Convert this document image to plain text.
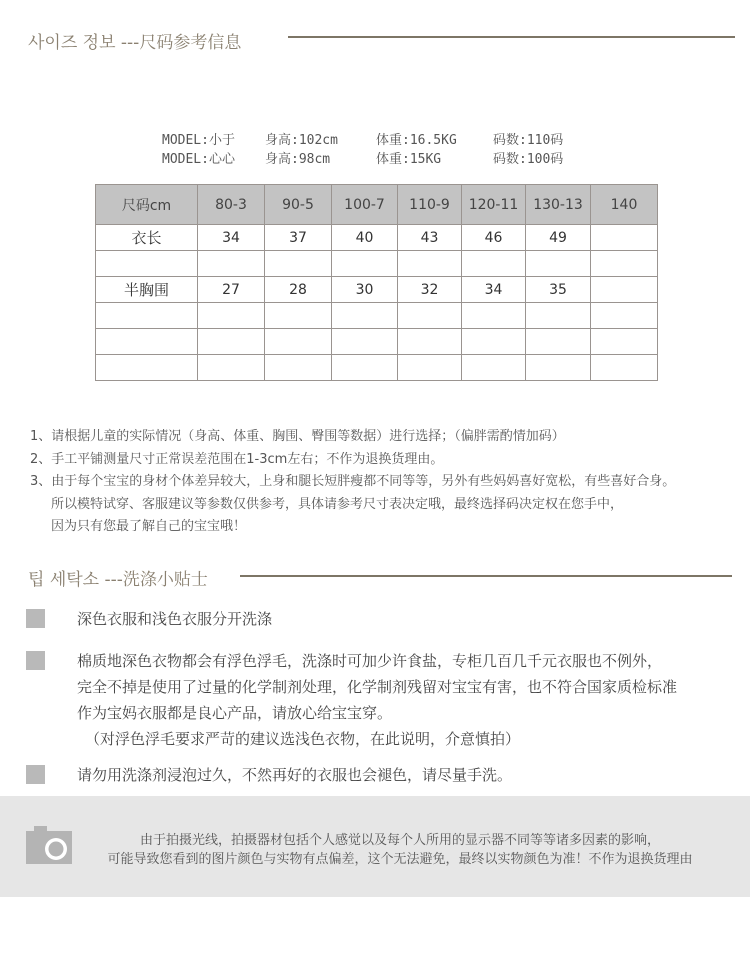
사이즈 정보 ---尺码参考信息
MODEL:小于 身高:102cm	体重:16.5KG	码数:110码
MODEL:心心 身高:98cm	体重:15KG	码数:100码
尺码cm	80-3	90-5	100-7	110-9	120-11	130-13	140
衣长	34	37	40	43	46	49	

半胸围	27	28	30	32	34	35	

1、请根据儿童的实际情况（身高、体重、胸围、臀围等数据）进行选择；（偏胖需酌情加码）
2、手工平铺测量尺寸正常误差范围在1-3cm左右；不作为退换货理由。
3、由于每个宝宝的身材个体差异较大，上身和腿长短胖瘦都不同等等，另外有些妈妈喜好宽松，有些喜好合身。
所以模特试穿、客服建议等参数仅供参考，具体请参考尺寸表决定哦，最终选择码决定权在您手中，
因为只有您最了解自己的宝宝哦！
팁 세탁소 ---洗涤小贴士
深色衣服和浅色衣服分开洗涤
棉质地深色衣物都会有浮色浮毛，洗涤时可加少许食盐，专柜几百几千元衣服也不例外，
完全不掉是使用了过量的化学制剂处理，化学制剂残留对宝宝有害，也不符合国家质检标准
作为宝妈衣服都是良心产品，请放心给宝宝穿。
（对浮色浮毛要求严苛的建议选浅色衣物，在此说明，介意慎拍）
请勿用洗涤剂浸泡过久，不然再好的衣服也会褪色，请尽量手洗。
由于拍摄光线，拍摄器材包括个人感觉以及每个人所用的显示器不同等等诸多因素的影响，
可能导致您看到的图片颜色与实物有点偏差，这个无法避免，最终以实物颜色为准！不作为退换货理由
